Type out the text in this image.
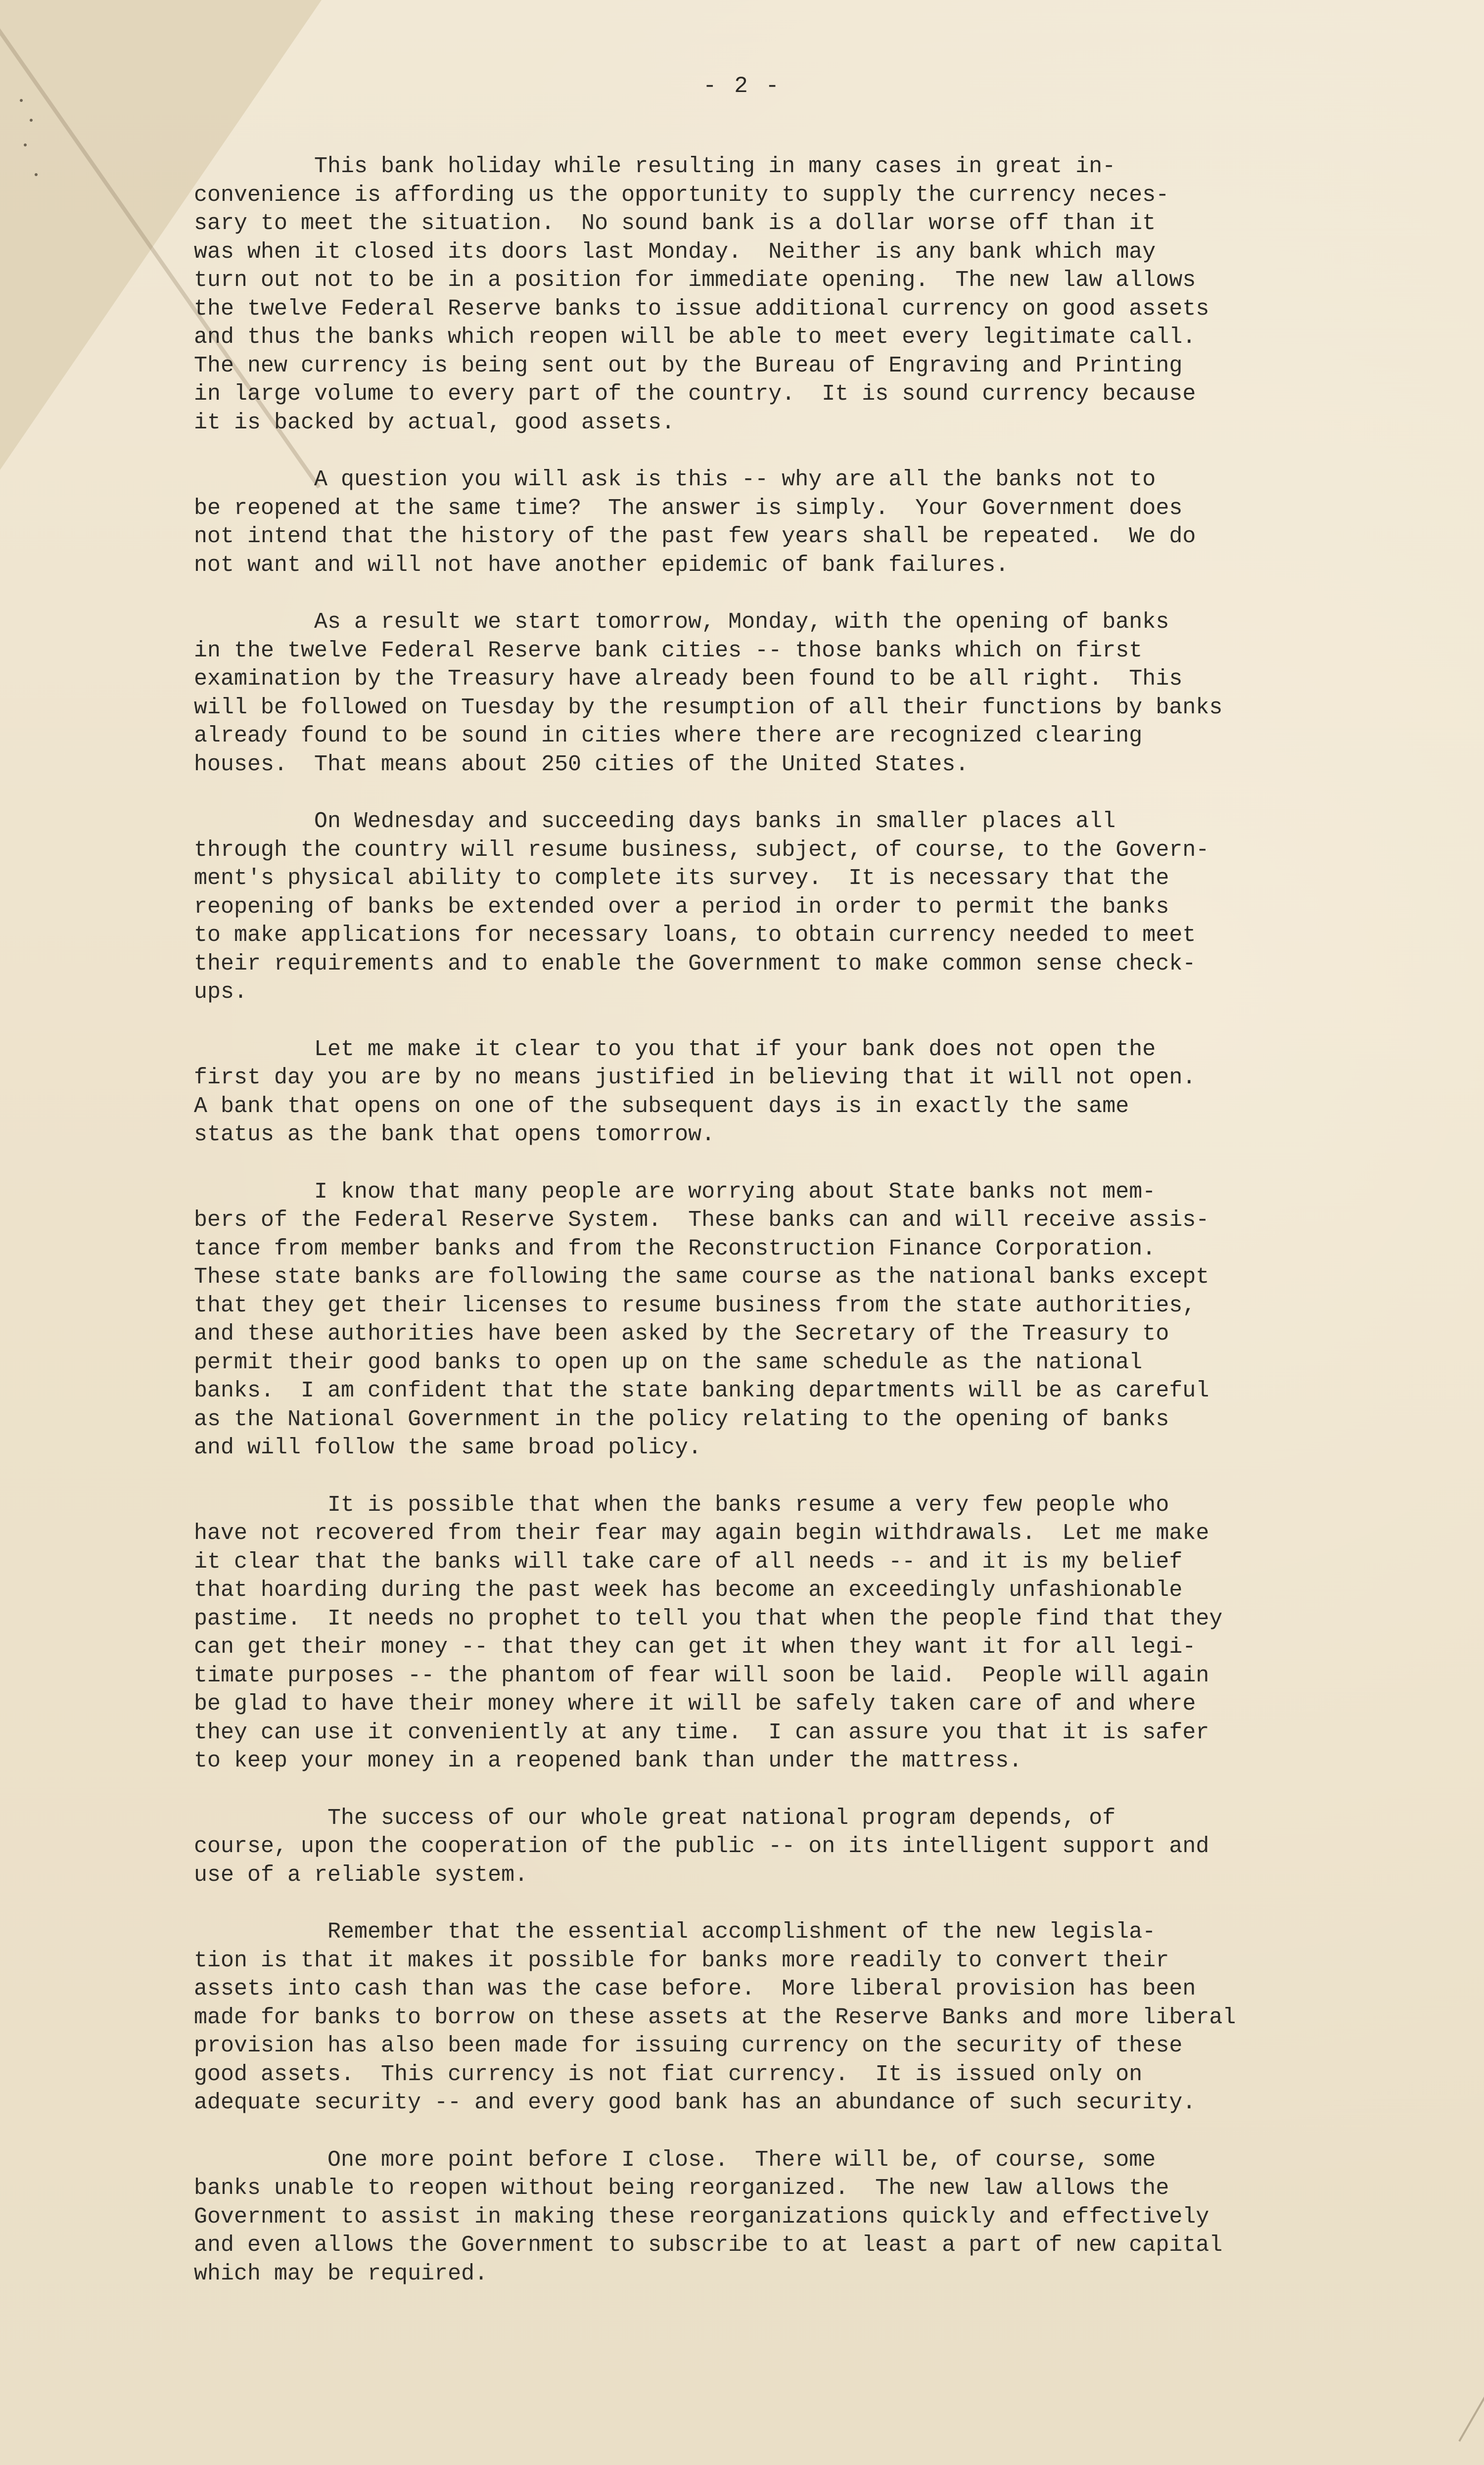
- 2 -
This bank holiday while resulting in many cases in great in-
convenience is affording us the opportunity to supply the currency neces-
sary to meet the situation.  No sound bank is a dollar worse off than it
was when it closed its doors last Monday.  Neither is any bank which may
turn out not to be in a position for immediate opening.  The new law allows
the twelve Federal Reserve banks to issue additional currency on good assets
and thus the banks which reopen will be able to meet every legitimate call.
The new currency is being sent out by the Bureau of Engraving and Printing
in large volume to every part of the country.  It is sound currency because
it is backed by actual, good assets.
A question you will ask is this -- why are all the banks not to
be reopened at the same time?  The answer is simply.  Your Government does
not intend that the history of the past few years shall be repeated.  We do
not want and will not have another epidemic of bank failures.
As a result we start tomorrow, Monday, with the opening of banks
in the twelve Federal Reserve bank cities -- those banks which on first
examination by the Treasury have already been found to be all right.  This
will be followed on Tuesday by the resumption of all their functions by banks
already found to be sound in cities where there are recognized clearing
houses.  That means about 250 cities of the United States.
On Wednesday and succeeding days banks in smaller places all
through the country will resume business, subject, of course, to the Govern-
ment's physical ability to complete its survey.  It is necessary that the
reopening of banks be extended over a period in order to permit the banks
to make applications for necessary loans, to obtain currency needed to meet
their requirements and to enable the Government to make common sense check-
ups.
Let me make it clear to you that if your bank does not open the
first day you are by no means justified in believing that it will not open.
A bank that opens on one of the subsequent days is in exactly the same
status as the bank that opens tomorrow.
I know that many people are worrying about State banks not mem-
bers of the Federal Reserve System.  These banks can and will receive assis-
tance from member banks and from the Reconstruction Finance Corporation.
These state banks are following the same course as the national banks except
that they get their licenses to resume business from the state authorities,
and these authorities have been asked by the Secretary of the Treasury to
permit their good banks to open up on the same schedule as the national
banks.  I am confident that the state banking departments will be as careful
as the National Government in the policy relating to the opening of banks
and will follow the same broad policy.
It is possible that when the banks resume a very few people who
have not recovered from their fear may again begin withdrawals.  Let me make
it clear that the banks will take care of all needs -- and it is my belief
that hoarding during the past week has become an exceedingly unfashionable
pastime.  It needs no prophet to tell you that when the people find that they
can get their money -- that they can get it when they want it for all legi-
timate purposes -- the phantom of fear will soon be laid.  People will again
be glad to have their money where it will be safely taken care of and where
they can use it conveniently at any time.  I can assure you that it is safer
to keep your money in a reopened bank than under the mattress.
The success of our whole great national program depends, of
course, upon the cooperation of the public -- on its intelligent support and
use of a reliable system.
Remember that the essential accomplishment of the new legisla-
tion is that it makes it possible for banks more readily to convert their
assets into cash than was the case before.  More liberal provision has been
made for banks to borrow on these assets at the Reserve Banks and more liberal
provision has also been made for issuing currency on the security of these
good assets.  This currency is not fiat currency.  It is issued only on
adequate security -- and every good bank has an abundance of such security.
One more point before I close.  There will be, of course, some
banks unable to reopen without being reorganized.  The new law allows the
Government to assist in making these reorganizations quickly and effectively
and even allows the Government to subscribe to at least a part of new capital
which may be required.
